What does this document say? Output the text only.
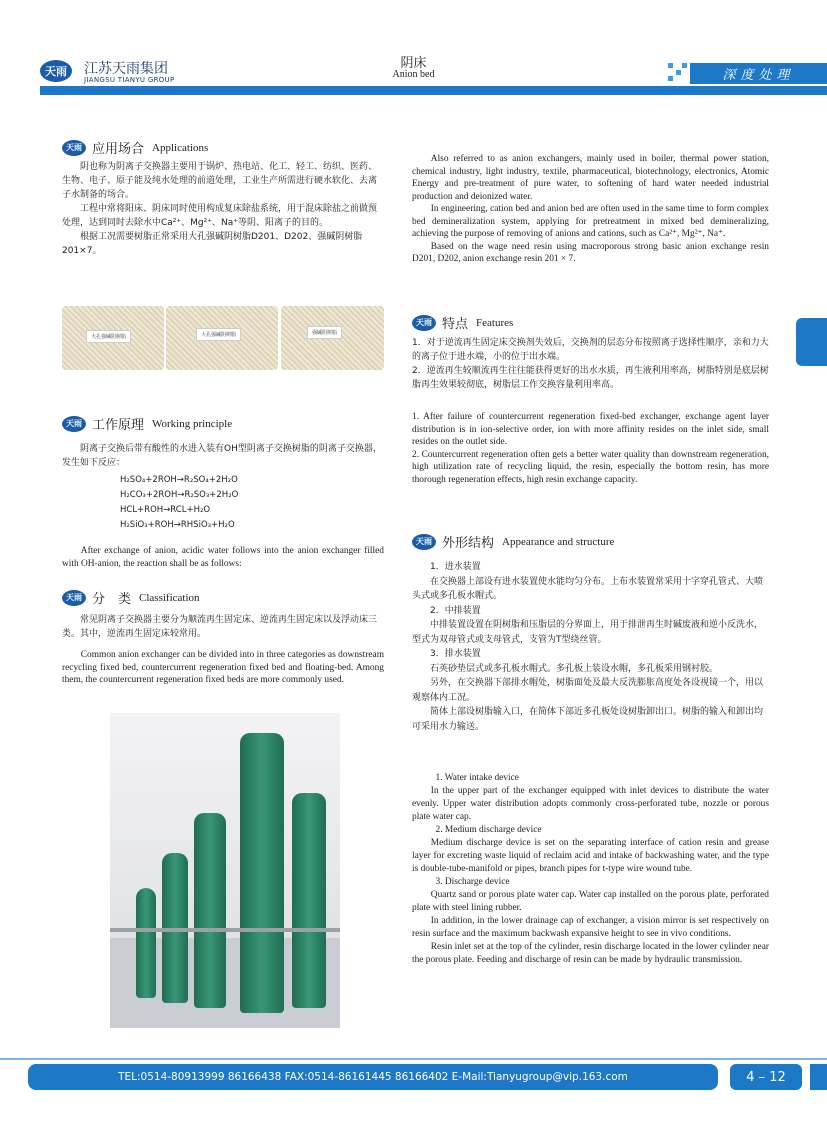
天雨	江苏天雨集团
JIANGSU TIANYU GROUP
阴床
Anion bed	深度处理
天雨 应用场合 Applications

阴也称为阴离子交换器主要用于锅炉、热电站、化工、轻工、纺织、医药、生物、电子、原子能及纯水处理的前道处理，工业生产所需进行硬水软化、去离子水制备的场合。

工程中常将阳床、阴床同时使用构成复床除盐系统，用于混床除盐之前做预处理，达到同时去除水中Ca²⁺、Mg²⁺、Na⁺等阴、阳离子的目的。

根据工况需要树脂正常采用大孔强碱阴树脂D201、D202、强碱阴树脂201×7。

Also referred to as anion exchangers, mainly used in boiler, thermal power station, chemical industry, light industry, textile, pharmaceutical, biotechnology, electronics, Atomic Energy and pre-treatment of pure water, to softening of hard water needed industrial production and deionized water.

In engineering, cation bed and anion bed are often used in the same time to form complex bed demineralization system, applying for pretreatment in mixed bed demineralizing, achieving the purpose of removing of anions and cations, such as Ca²⁺, Mg²⁺, Na⁺.

Based on the wage need resin using macroporous strong basic anion exchange resin D201, D202, anion exchange resin 201 × 7.

大孔强碱阴树脂	大孔强碱阴树脂	强碱阴树脂
天雨 工作原理 Working principle

阴离子交换后带有酸性的水进入装有OH型阴离子交换树脂的阴离子交换器，发生如下反应：

H₂SO₄+2ROH→R₂SO₄+2H₂O
H₂CO₃+2ROH→R₂SO₃+2H₂O
HCL+ROH→RCL+H₂O
H₂SiO₃+ROH→RHSiO₃+H₂O

After exchange of anion, acidic water follows into the anion exchanger filled with OH-anion, the reaction shall be as follows:

天雨 分　类 Classification

常见阴离子交换器主要分为顺流再生固定床、逆流再生固定床以及浮动床三类。其中，逆流再生固定床较常用。

Common anion exchanger can be divided into in three categories as downstream recycling fixed bed, countercurrent regeneration fixed bed and floating-bed. Among them, the countercurrent regeneration fixed beds are more commonly used.

天雨 特点 Features

1．对于逆流再生固定床交换剂失效后，交换剂的层态分布按照离子选择性顺序，亲和力大的离子位于进水端，小的位于出水端。

2．逆流再生较顺流再生往往能获得更好的出水水质，再生液利用率高，树脂特别是底层树脂再生效果较彻底，树脂层工作交换容量利用率高。

1. After failure of countercurrent regeneration fixed-bed exchanger, exchange agent layer distribution is in ion-selective order, ion with more affinity resides on the inlet side, small resides on the outlet side.

2. Countercurrent regeneration often gets a better water quality than downstream regeneration, high utilization rate of recycling liquid, the resin, especially the bottom resin, has more thorough regeneration effects, high resin exchange capacity.

天雨 外形结构 Appearance and structure

1．进水装置

在交换器上部设有进水装置使水能均匀分布。上布水装置常采用十字穿孔管式、大喷头式或多孔板水帽式。

2．中排装置

中排装置设置在阴树脂和压脂层的分界面上，用于排泄再生时碱废液和逆小反洗水，型式为双母管式或支母管式，支管为T型绕丝管。

3．排水装置

石英砂垫层式或多孔板水帽式。多孔板上装设水帽，多孔板采用钢衬胶。

另外，在交换器下部排水帽处，树脂面处及最大反洗膨胀高度处各设视镜一个，用以观察体内工况。

简体上部设树脂输入口，在简体下部近多孔板处设树脂卸出口。树脂的输入和卸出均可采用水力输送。

1. Water intake device

In the upper part of the exchanger equipped with inlet devices to distribute the water evenly. Upper water distribution adopts commonly cross-perforated tube, nozzle or porous plate water cap.

2. Medium discharge device

Medium discharge device is set on the separating interface of cation resin and grease layer for excreting waste liquid of reclaim acid and intake of backwashing water, and the type is double-tube-manifold or pipes, branch pipes for t-type wire wound tube.

3. Discharge device

Quartz sand or porous plate water cap. Water cap installed on the porous plate, perforated plate with steel lining rubber.

In addition, in the lower drainage cap of exchanger, a vision mirror is set respectively on resin surface and the maximum backwash expansive height to see in vivo conditions.

Resin inlet set at the top of the cylinder, resin discharge located in the lower cylinder near the porous plate. Feeding and discharge of resin can be made by hydraulic transmission.

TEL:0514-80913999 86166438 FAX:0514-86161445 86166402 E-Mail:Tianyugroup@vip.163.com	4 – 12
